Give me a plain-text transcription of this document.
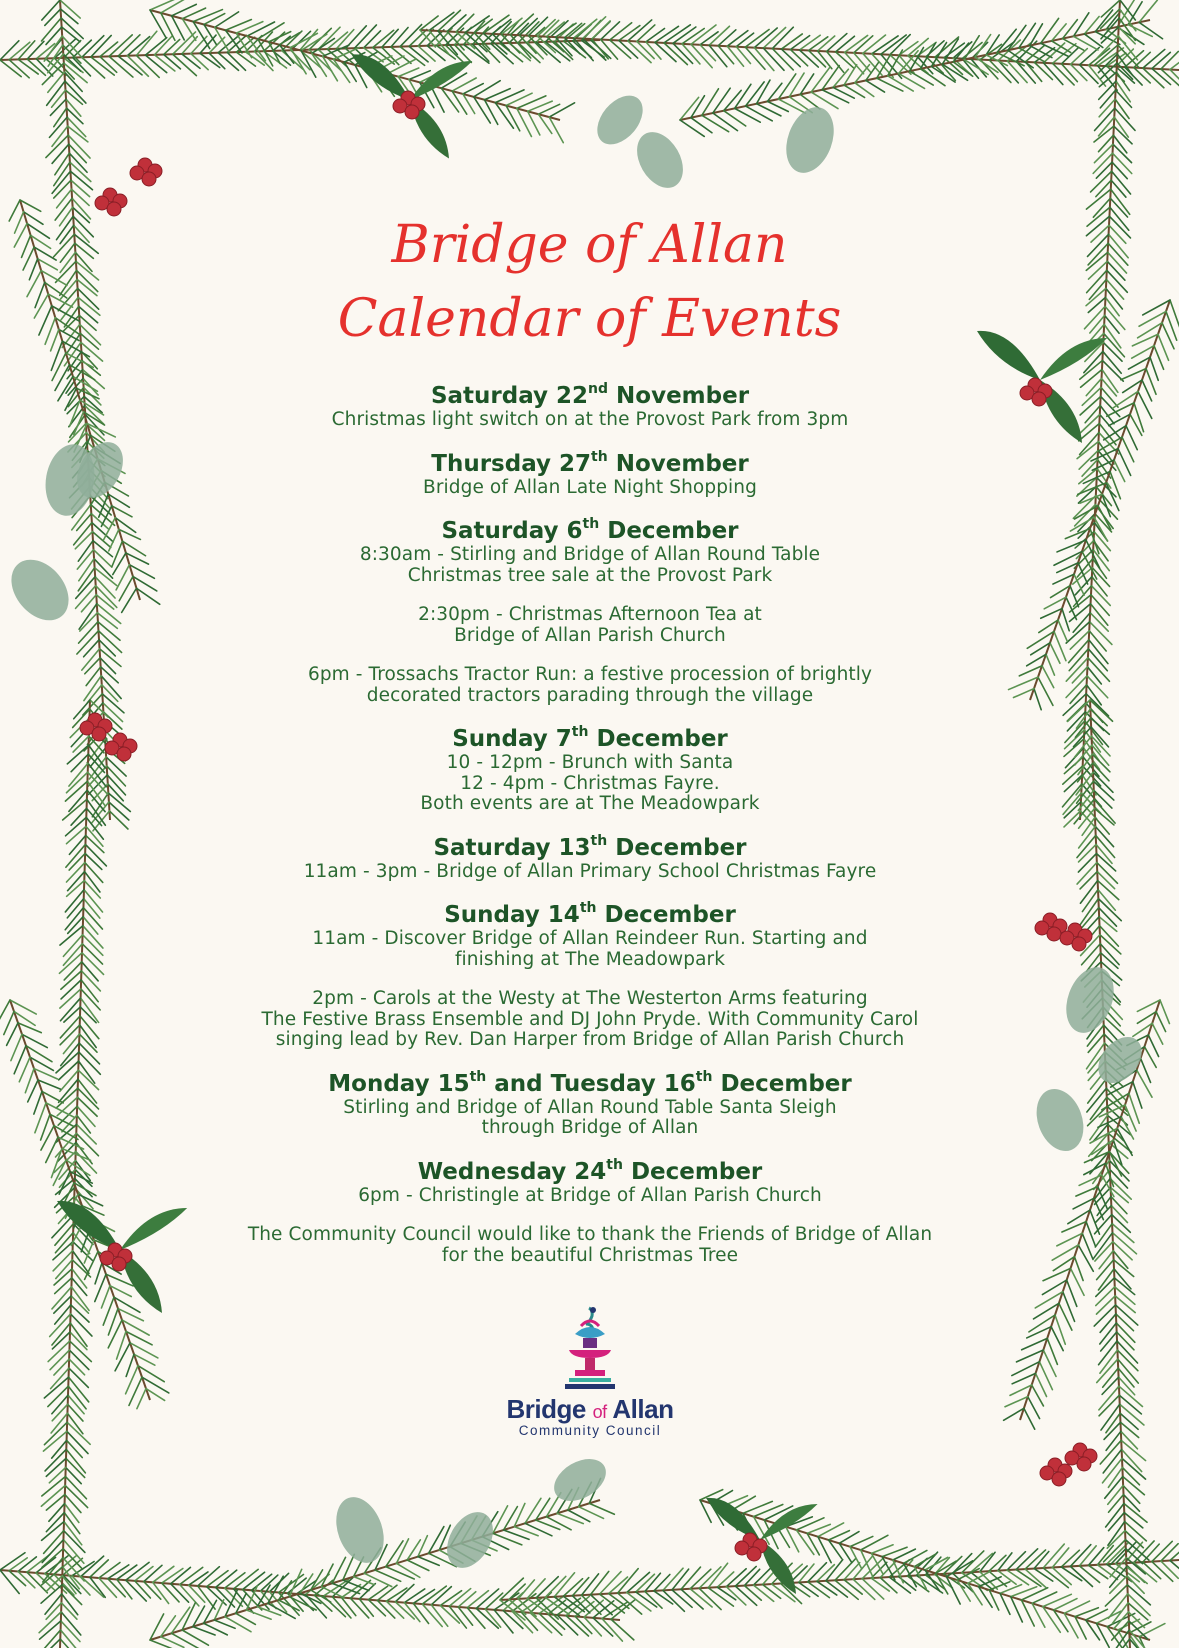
Bridge of Allan
Calendar of Events

Saturday 22nd November

Christmas light switch on at the Provost Park from 3pm

Thursday 27th November

Bridge of Allan Late Night Shopping

Saturday 6th December

8:30am - Stirling and Bridge of Allan Round Table

Christmas tree sale at the Provost Park

2:30pm - Christmas Afternoon Tea at

Bridge of Allan Parish Church

6pm - Trossachs Tractor Run: a festive procession of brightly

decorated tractors parading through the village

Sunday 7th December

10 - 12pm - Brunch with Santa

12 - 4pm - Christmas Fayre.

Both events are at The Meadowpark

Saturday 13th December

11am - 3pm - Bridge of Allan Primary School Christmas Fayre

Sunday 14th December

11am - Discover Bridge of Allan Reindeer Run. Starting and

finishing at The Meadowpark

2pm - Carols at the Westy at The Westerton Arms featuring

The Festive Brass Ensemble and DJ John Pryde. With Community Carol

singing lead by Rev. Dan Harper from Bridge of Allan Parish Church

Monday 15th and Tuesday 16th December

Stirling and Bridge of Allan Round Table Santa Sleigh

through Bridge of Allan

Wednesday 24th December

6pm - Christingle at Bridge of Allan Parish Church

The Community Council would like to thank the Friends of Bridge of Allan

for the beautiful Christmas Tree

Bridge of Allan
Community Council
